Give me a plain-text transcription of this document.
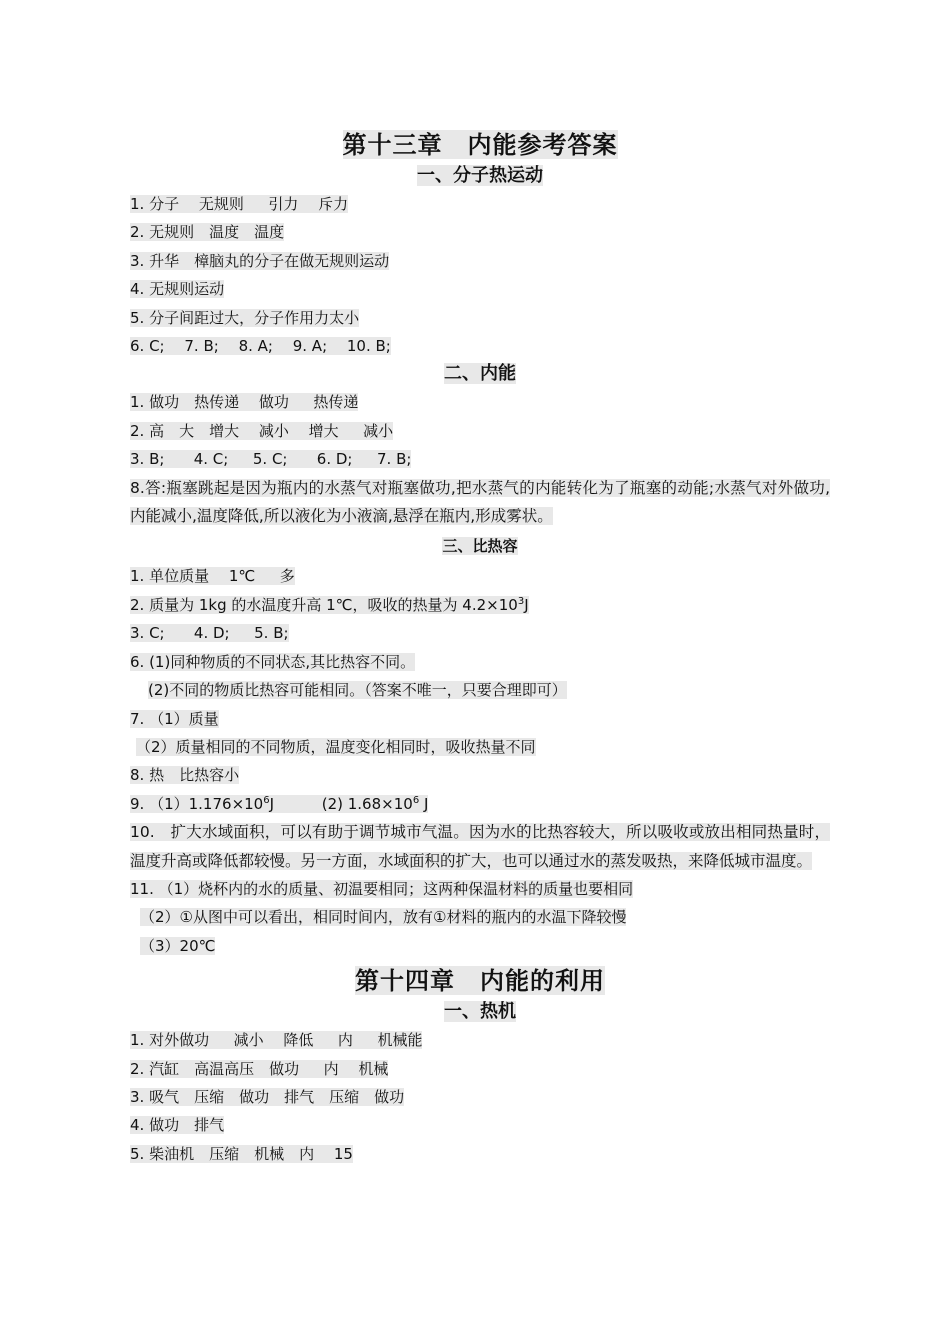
第十三章　内能参考答案

一、分子热运动

1. 分子　 无规则　  引力　 斥力

2. 无规则　温度　温度

3. 升华　樟脑丸的分子在做无规则运动

4. 无规则运动

5. 分子间距过大，分子作用力太小

6. C;　 7. B;　 8. A;　 9. A;　 10. B;

二、内能

1. 做功　热传递　 做功　  热传递

2. 高　大　增大　 减小　 增大　  减小

3. B;　   4. C;　  5. C;　   6. D;　  7. B;

8.答:瓶塞跳起是因为瓶内的水蒸气对瓶塞做功,把水蒸气的内能转化为了瓶塞的动能;水蒸气对外做功,内能减小,温度降低,所以液化为小液滴,悬浮在瓶内,形成雾状。

三、比热容

1. 单位质量　 1℃　  多

2. 质量为 1kg 的水温度升高 1℃，吸收的热量为 $4.2\times 10^3J$

3. C;　   4. D;　  5. B;

6. (1)同种物质的不同状态,其比热容不同。

(2)不同的物质比热容可能相同。（答案不唯一，只要合理即可）

7. （1）质量

（2）质量相同的不同物质，温度变化相同时，吸收热量不同

8. 热　比热容小

9. $(1)1.176\times 10^6J$	(2) $1.68\times 10^6$ J

10.　扩大水域面积，可以有助于调节城市气温。因为水的比热容较大，所以吸收或放出相同热量时，温度升高或降低都较慢。另一方面，水域面积的扩大，也可以通过水的蒸发吸热，来降低城市温度。

11. （1）烧杯内的水的质量、初温要相同；这两种保温材料的质量也要相同

（2）①从图中可以看出，相同时间内，放有①材料的瓶内的水温下降较慢

（3）20℃

第十四章　内能的利用

一、热机

1. 对外做功　  减小　 降低　  内　  机械能

2. 汽缸　高温高压　做功　  内　 机械

3. 吸气　压缩　做功　排气　压缩　做功

4. 做功　排气

5. 柴油机　压缩　机械　内　 15
